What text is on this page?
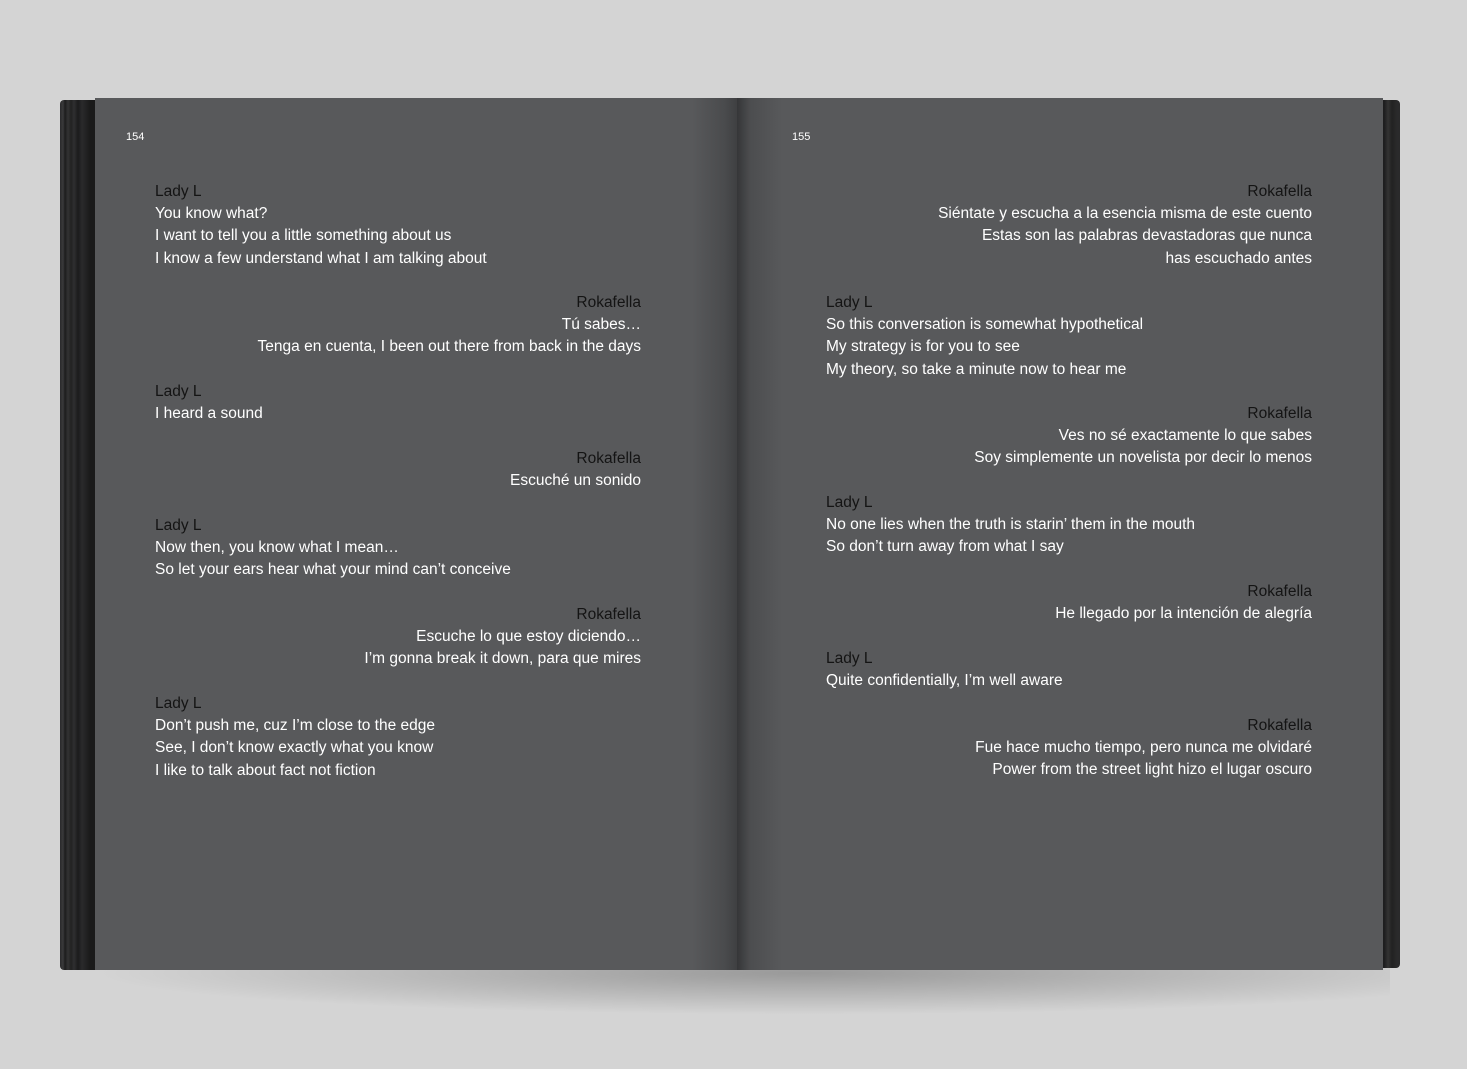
154	155
Lady L
You know what?
I want to tell you a little something about us
I know a few understand what I am talking about
Rokafella
Tú sabes…
Tenga en cuenta, I been out there from back in the days
Lady L
I heard a sound
Rokafella
Escuché un sonido
Lady L
Now then, you know what I mean…
So let your ears hear what your mind can’t conceive
Rokafella
Escuche lo que estoy diciendo…
I’m gonna break it down, para que mires
Lady L
Don’t push me, cuz I’m close to the edge
See, I don’t know exactly what you know
I like to talk about fact not fiction
Rokafella
Siéntate y escucha a la esencia misma de este cuento
Estas son las palabras devastadoras que nunca
has escuchado antes
Lady L
So this conversation is somewhat hypothetical
My strategy is for you to see
My theory, so take a minute now to hear me
Rokafella
Ves no sé exactamente lo que sabes
Soy simplemente un novelista por decir lo menos
Lady L
No one lies when the truth is starin’ them in the mouth
So don’t turn away from what I say
Rokafella
He llegado por la intención de alegría
Lady L
Quite confidentially, I’m well aware
Rokafella
Fue hace mucho tiempo, pero nunca me olvidaré
Power from the street light hizo el lugar oscuro
